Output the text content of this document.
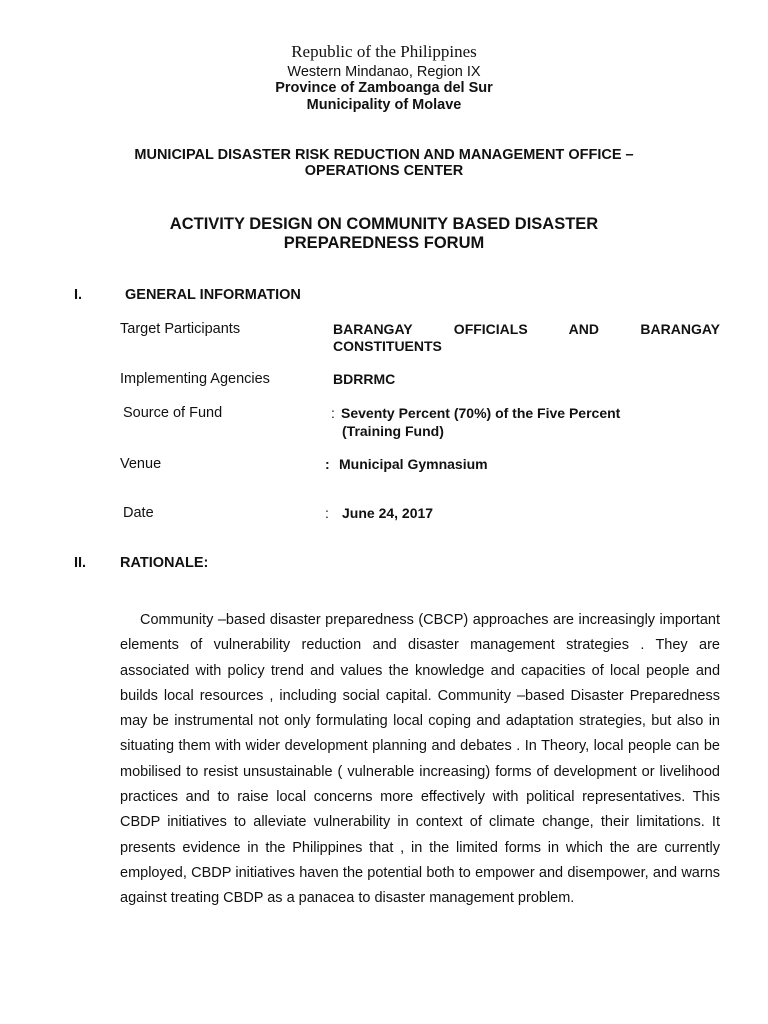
Republic of the Philippines

Western Mindanao, Region IX

Province of Zamboanga del Sur

Municipality of Molave

MUNICIPAL DISASTER RISK REDUCTION AND MANAGEMENT OFFICE –

OPERATIONS CENTER

ACTIVITY DESIGN ON COMMUNITY BASED DISASTER

PREPAREDNESS FORUM

I.	GENERAL INFORMATION

Target Participants	BARANGAY OFFICIALS AND BARANGAY

CONSTITUENTS

Implementing Agencies	BDRRMC

Source of Fund	: Seventy Percent (70%) of the Five Percent

(Training Fund)

Venue	: Municipal Gymnasium

Date	: June 24, 2017

II. RATIONALE:

Community –based disaster preparedness (CBCP) approaches are increasingly important elements of vulnerability reduction and disaster management strategies . They are associated with policy trend and values the knowledge and capacities of local people and builds local resources , including social capital. Community –based Disaster Preparedness may be instrumental not only formulating local coping and adaptation strategies, but also in situating them with wider development planning and debates . In Theory, local people can be mobilised to resist unsustainable ( vulnerable increasing) forms of development or livelihood practices and to raise local concerns more effectively with political representatives. This CBDP initiatives to alleviate vulnerability in context of climate change, their limitations. It presents evidence in the Philippines that , in the limited forms in which the are currently employed, CBDP initiatives haven the potential both to empower and disempower, and warns against treating CBDP as a panacea to disaster management problem.
